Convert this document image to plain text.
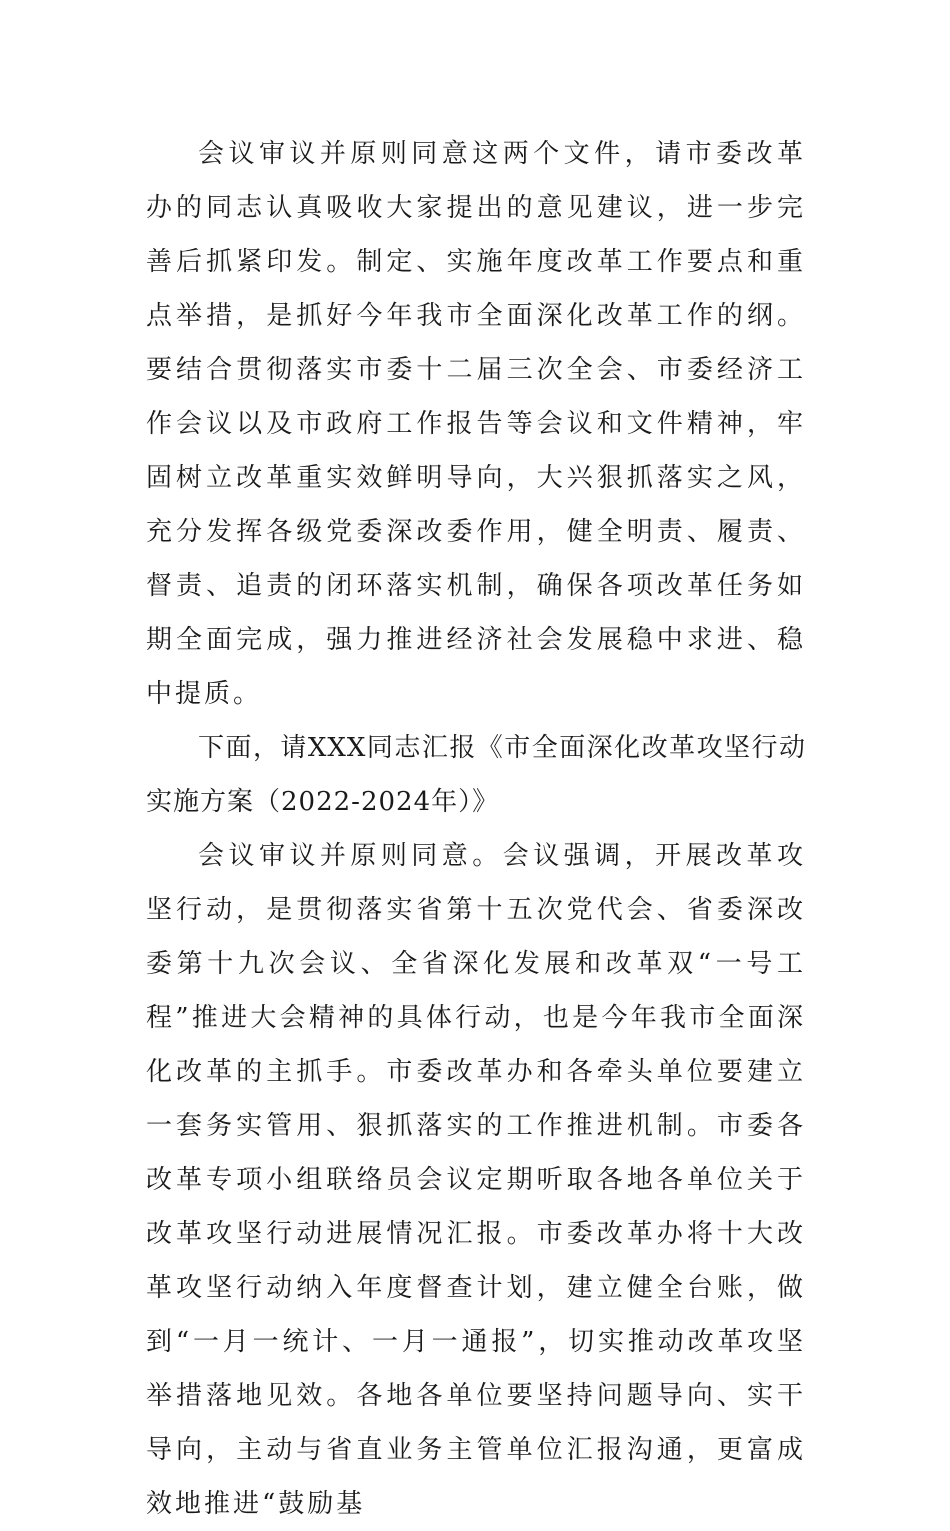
会议审议并原则同意这两个文件，请市委改革办的同志认真吸收大家提出的意见建议，进一步完善后抓紧印发。制定、实施年度改革工作要点和重点举措，是抓好今年我市全面深化改革工作的纲。要结合贯彻落实市委十二届三次全会、市委经济工作会议以及市政府工作报告等会议和文件精神，牢固树立改革重实效鲜明导向，大兴狠抓落实之风，充分发挥各级党委深改委作用，健全明责、履责、督责、追责的闭环落实机制，确保各项改革任务如期全面完成，强力推进经济社会发展稳中求进、稳中提质。

下面，请XXX同志汇报《市全面深化改革攻坚行动实施方案（2022-2024年）》

会议审议并原则同意。会议强调，开展改革攻坚行动，是贯彻落实省第十五次党代会、省委深改委第十九次会议、全省深化发展和改革双“一号工程”推进大会精神的具体行动，也是今年我市全面深化改革的主抓手。市委改革办和各牵头单位要建立一套务实管用、狠抓落实的工作推进机制。市委各改革专项小组联络员会议定期听取各地各单位关于改革攻坚行动进展情况汇报。市委改革办将十大改革攻坚行动纳入年度督查计划，建立健全台账，做到“一月一统计、一月一通报”，切实推动改革攻坚举措落地见效。各地各单位要坚持问题导向、实干导向，主动与省直业务主管单位汇报沟通，更富成效地推进“鼓励基
